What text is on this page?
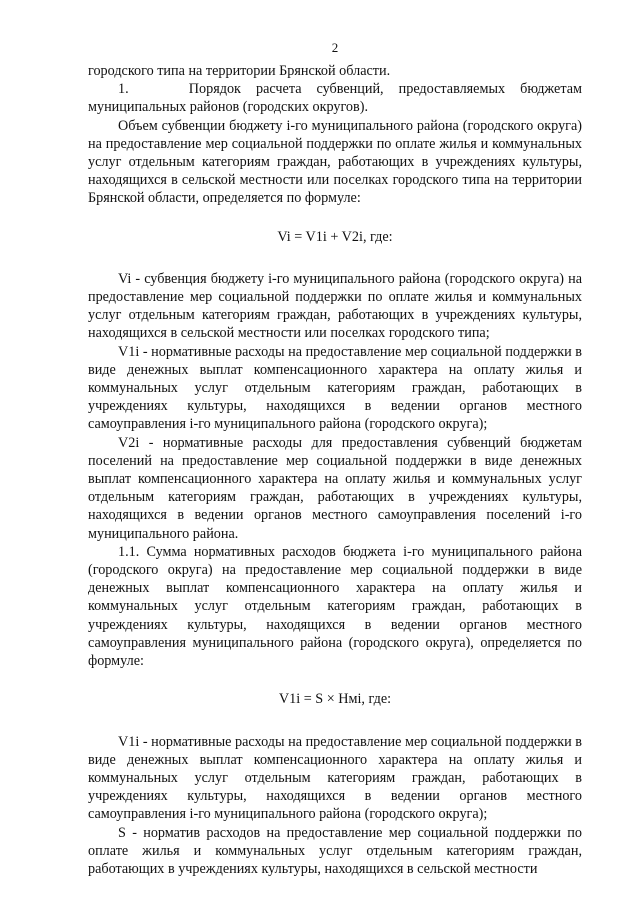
2

городского типа на территории Брянской области.

1.    Порядок расчета субвенций, предоставляемых бюджетам муниципальных районов (городских округов).

Объем субвенции бюджету i-го муниципального района (городского округа) на предоставление мер социальной поддержки по оплате жилья и коммунальных услуг отдельным категориям граждан, работающих в учреждениях культуры, находящихся в сельской местности или поселках городского типа на территории Брянской области, определяется по формуле:

Vi = V1i + V2i, где:

Vi - субвенция бюджету i-го муниципального района (городского округа) на предоставление мер социальной поддержки по оплате жилья и коммунальных услуг отдельным категориям граждан, работающих в учреждениях культуры, находящихся в сельской местности или поселках городского типа;

V1i - нормативные расходы на предоставление мер социальной поддержки в виде денежных выплат компенсационного характера на оплату жилья и коммунальных услуг отдельным категориям граждан, работающих в учреждениях культуры, находящихся в ведении органов местного самоуправления i-го муниципального района (городского округа);

V2i - нормативные расходы для предоставления субвенций бюджетам поселений на предоставление мер социальной поддержки в виде денежных выплат компенсационного характера на оплату жилья и коммунальных услуг отдельным категориям граждан, работающих в учреждениях культуры, находящихся в ведении органов местного самоуправления поселений i-го муниципального района.

1.1. Сумма нормативных расходов бюджета i-го муниципального района (городского округа) на предоставление мер социальной поддержки в виде денежных выплат компенсационного характера на оплату жилья и коммунальных услуг отдельным категориям граждан, работающих в учреждениях культуры, находящихся в ведении органов местного самоуправления муниципального района (городского округа), определяется по формуле:

V1i = S × Нмi, где:

V1i - нормативные расходы на предоставление мер социальной поддержки в виде денежных выплат компенсационного характера на оплату жилья и коммунальных услуг отдельным категориям граждан, работающих в учреждениях культуры, находящихся в ведении органов местного самоуправления i-го муниципального района (городского округа);

S - норматив расходов на предоставление мер социальной поддержки по оплате жилья и коммунальных услуг отдельным категориям граждан, работающих в учреждениях культуры, находящихся в сельской местности
